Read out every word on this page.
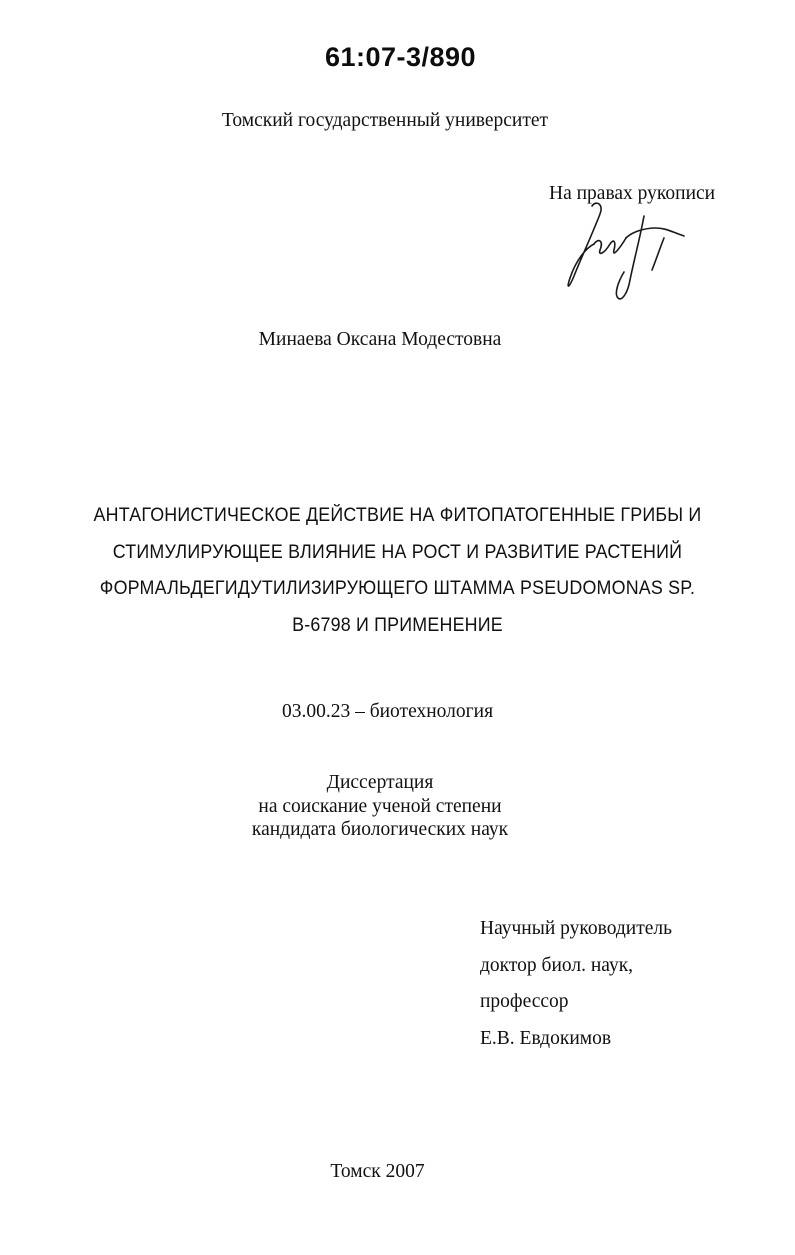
61:07-3/890
Томский государственный университет
На правах рукописи
Минаева Оксана Модестовна
АНТАГОНИСТИЧЕСКОЕ ДЕЙСТВИЕ НА ФИТОПАТОГЕННЫЕ ГРИБЫ И
СТИМУЛИРУЮЩЕЕ ВЛИЯНИЕ НА РОСТ И РАЗВИТИЕ РАСТЕНИЙ
ФОРМАЛЬДЕГИДУТИЛИЗИРУЮЩЕГО ШТАММА PSEUDOMONAS SP.
В-6798 И ПРИМЕНЕНИЕ
03.00.23 – биотехнология
Диссертация
на соискание ученой степени
кандидата биологических наук
Научный руководитель
доктор биол. наук,
профессор
Е.В. Евдокимов
Томск 2007
